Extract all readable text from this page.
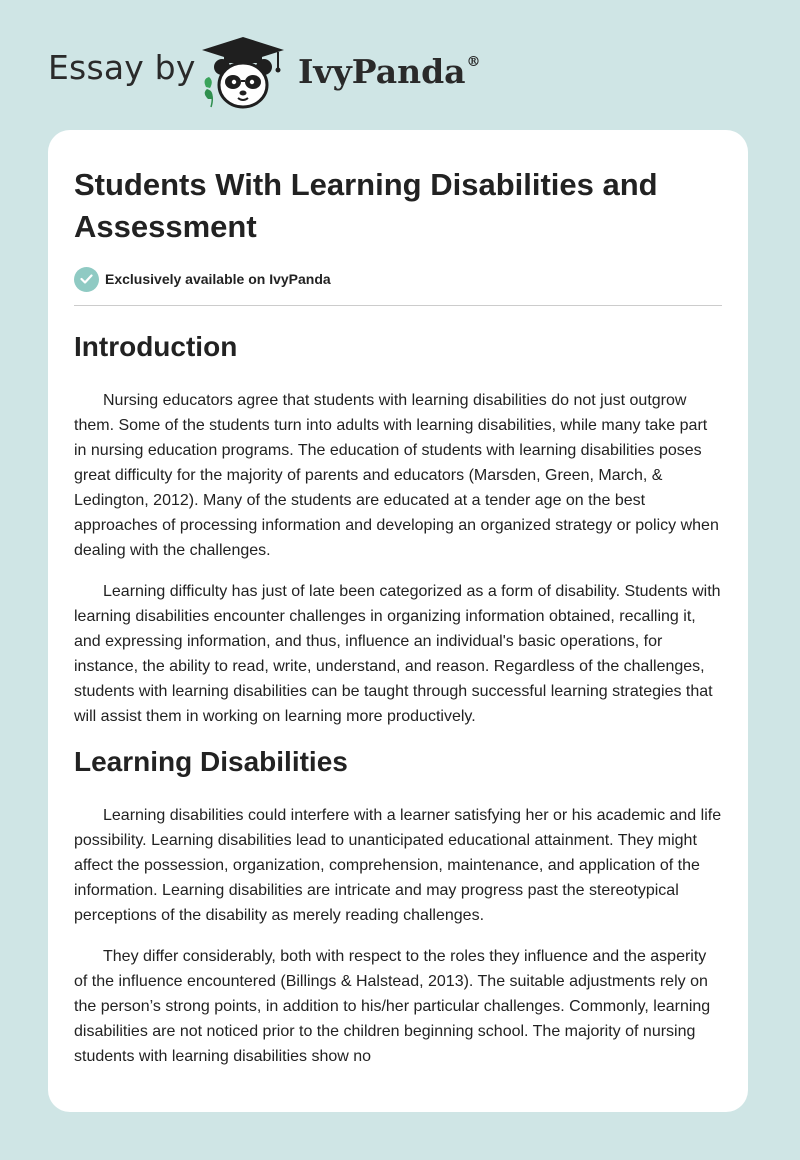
Essay by	IvyPanda®
Students With Learning Disabilities and Assessment
Exclusively available on IvyPanda
Introduction

Nursing educators agree that students with learning disabilities do not just outgrow them. Some of the students turn into adults with learning disabilities, while many take part in nursing education programs. The education of students with learning disabilities poses great difficulty for the majority of parents and educators (Marsden, Green, March, & Ledington, 2012). Many of the students are educated at a tender age on the best approaches of processing information and developing an organized strategy or policy when dealing with the challenges.

Learning difficulty has just of late been categorized as a form of disability. Students with learning disabilities encounter challenges in organizing information obtained, recalling it, and expressing information, and thus, influence an individual's basic operations, for instance, the ability to read, write, understand, and reason. Regardless of the challenges, students with learning disabilities can be taught through successful learning strategies that will assist them in working on learning more productively.

Learning Disabilities

Learning disabilities could interfere with a learner satisfying her or his academic and life possibility. Learning disabilities lead to unanticipated educational attainment. They might affect the possession, organization, comprehension, maintenance, and application of the information. Learning disabilities are intricate and may progress past the stereotypical perceptions of the disability as merely reading challenges.

They differ considerably, both with respect to the roles they influence and the asperity of the influence encountered (Billings & Halstead, 2013). The suitable adjustments rely on the person’s strong points, in addition to his/her particular challenges. Commonly, learning disabilities are not noticed prior to the children beginning school. The majority of nursing students with learning disabilities show no
